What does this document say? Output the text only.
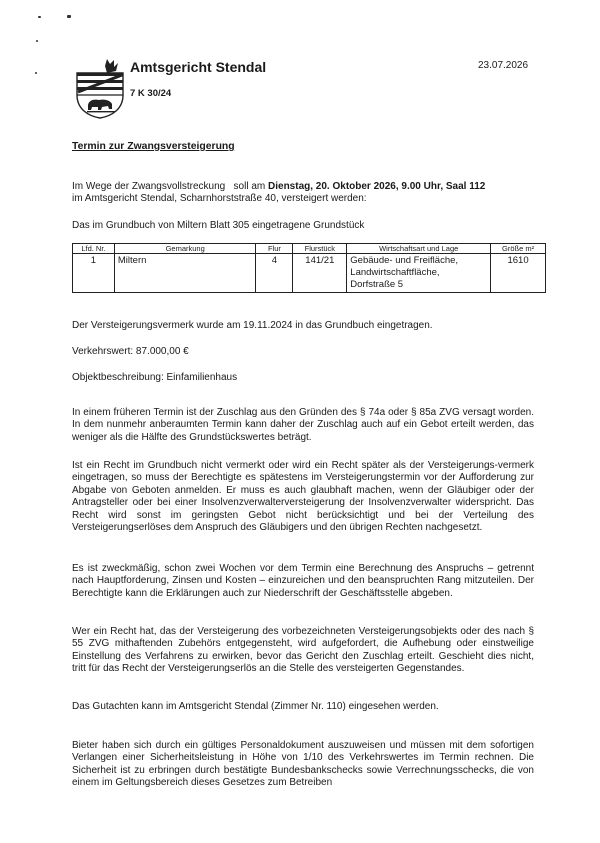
Amtsgericht Stendal
7 K 30/24
23.07.2026
Termin zur Zwangsversteigerung
Im Wege der Zwangsvollstreckung   soll am Dienstag, 20. Oktober 2026, 9.00 Uhr, Saal 112
im Amtsgericht Stendal, Scharnhorststraße 40, versteigert werden:
Das im Grundbuch von Miltern Blatt 305 eingetragene Grundstück
Lfd. Nr.	Gemarkung	Flur	Flurstück	Wirtschaftsart und Lage	Größe m²
1	Miltern	4	141/21	Gebäude- und Freifläche,
Landwirtschaftfläche,
Dorfstraße 5	1610
Der Versteigerungsvermerk wurde am 19.11.2024 in das Grundbuch eingetragen.
Verkehrswert: 87.000,00 €
Objektbeschreibung: Einfamilienhaus

In einem früheren Termin ist der Zuschlag aus den Gründen des § 74a oder § 85a ZVG versagt worden. In dem nunmehr anberaumten Termin kann daher der Zuschlag auch auf ein Gebot erteilt werden, das weniger als die Hälfte des Grundstückswertes beträgt.

Ist ein Recht im Grundbuch nicht vermerkt oder wird ein Recht später als der Versteigerungs-vermerk eingetragen, so muss der Berechtigte es spätestens im Versteigerungstermin vor der Aufforderung zur Abgabe von Geboten anmelden. Er muss es auch glaubhaft machen, wenn der Gläubiger oder der Antragsteller oder bei einer Insolvenzverwalterversteigerung der Insolvenzverwalter widerspricht. Das Recht wird sonst im geringsten Gebot nicht berücksichtigt und bei der Verteilung des Versteigerungserlöses dem Anspruch des Gläubigers und den übrigen Rechten nachgesetzt.

Es ist zweckmäßig, schon zwei Wochen vor dem Termin eine Berechnung des Anspruchs – getrennt nach Hauptforderung, Zinsen und Kosten – einzureichen und den beanspruchten Rang mitzuteilen. Der Berechtigte kann die Erklärungen auch zur Niederschrift der Geschäftsstelle abgeben.

Wer ein Recht hat, das der Versteigerung des vorbezeichneten Versteigerungsobjekts oder des nach § 55 ZVG mithaftenden Zubehörs entgegensteht, wird aufgefordert, die Aufhebung oder einstweilige Einstellung des Verfahrens zu erwirken, bevor das Gericht den Zuschlag erteilt. Geschieht dies nicht, tritt für das Recht der Versteigerungserlös an die Stelle des versteigerten Gegenstandes.

Das Gutachten kann im Amtsgericht Stendal (Zimmer Nr. 110) eingesehen werden.

Bieter haben sich durch ein gültiges Personaldokument auszuweisen und müssen mit dem sofortigen Verlangen einer Sicherheitsleistung in Höhe von 1/10 des Verkehrswertes im Termin rechnen. Die Sicherheit ist zu erbringen durch bestätigte Bundesbankschecks sowie Verrechnungsschecks, die von einem im Geltungsbereich dieses Gesetzes zum Betreiben
